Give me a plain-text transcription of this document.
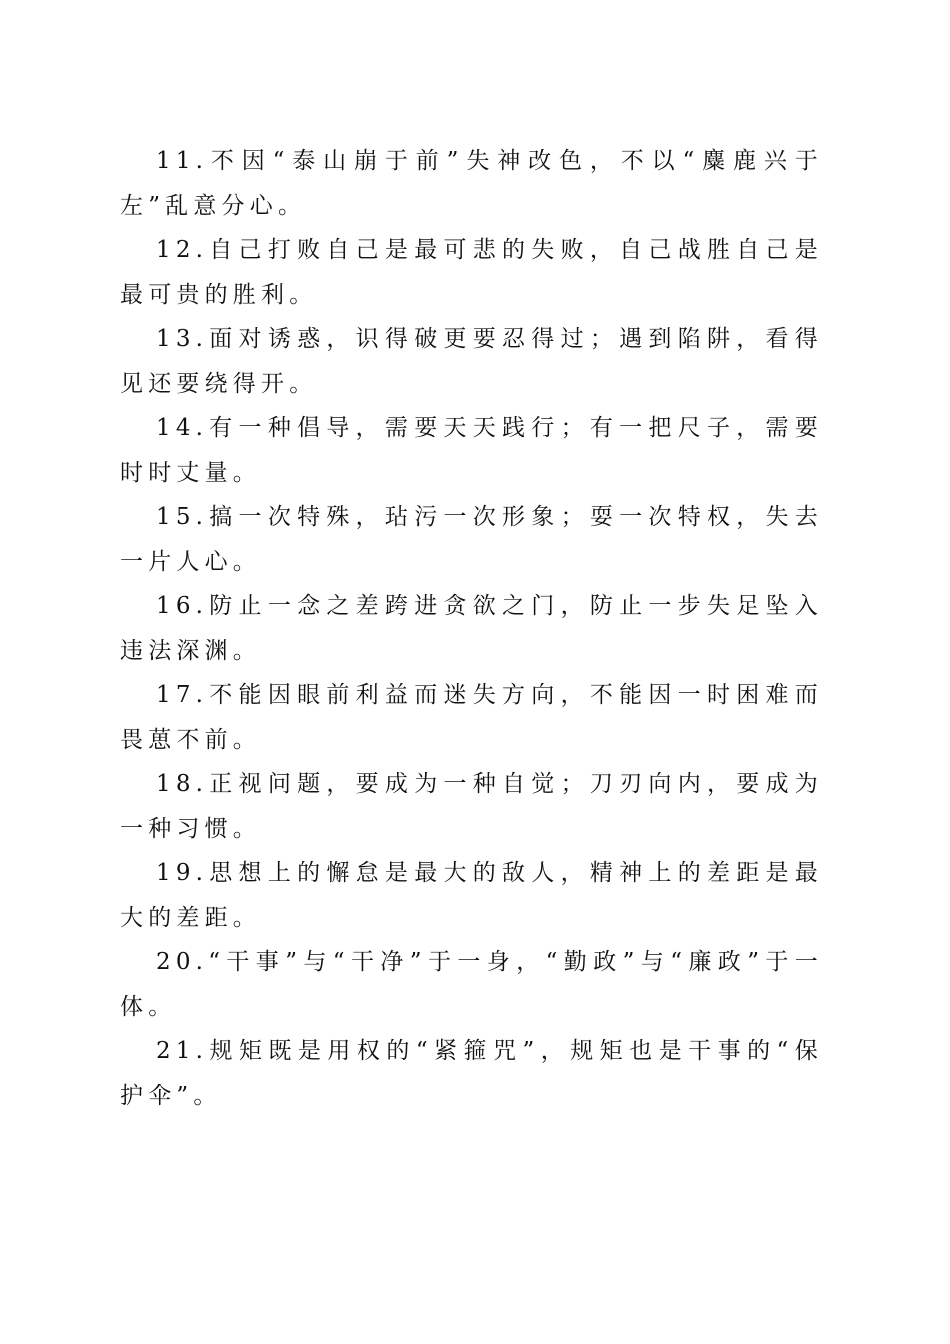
11.不因“泰山崩于前”失神改色，不以“麋鹿兴于左”乱意分心。

12.自己打败自己是最可悲的失败，自己战胜自己是最可贵的胜利。

13.面对诱惑，识得破更要忍得过；遇到陷阱，看得见还要绕得开。

14.有一种倡导，需要天天践行；有一把尺子，需要时时丈量。

15.搞一次特殊，玷污一次形象；耍一次特权，失去一片人心。

16.防止一念之差跨进贪欲之门，防止一步失足坠入违法深渊。

17.不能因眼前利益而迷失方向，不能因一时困难而畏葸不前。

18.正视问题，要成为一种自觉；刀刃向内，要成为一种习惯。

19.思想上的懈怠是最大的敌人，精神上的差距是最大的差距。

20.“干事”与“干净”于一身，“勤政”与“廉政”于一体。

21.规矩既是用权的“紧箍咒”，规矩也是干事的“保护伞”。
